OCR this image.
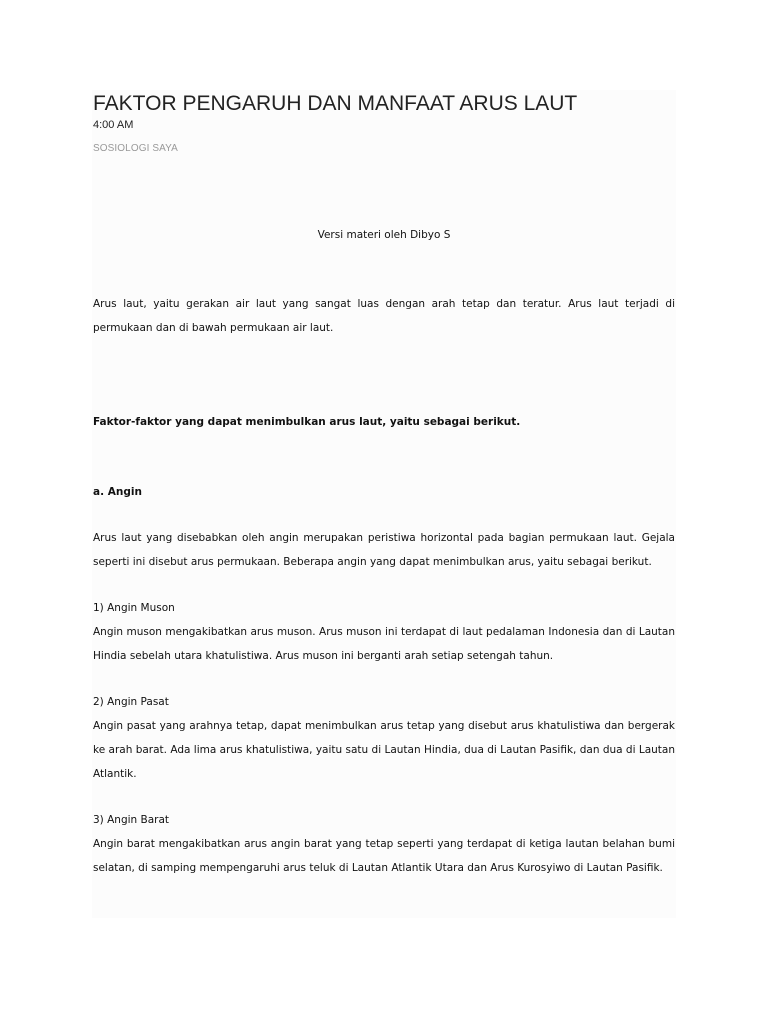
FAKTOR PENGARUH DAN MANFAAT ARUS LAUT
4:00 AM
SOSIOLOGI SAYA
Versi materi oleh Dibyo S

Arus laut, yaitu gerakan air laut yang sangat luas dengan arah tetap dan teratur. Arus laut terjadi di permukaan dan di bawah permukaan air laut.

Faktor-faktor yang dapat menimbulkan arus laut, yaitu sebagai berikut.

a. Angin

Arus laut yang disebabkan oleh angin merupakan peristiwa horizontal pada bagian permukaan laut. Gejala seperti ini disebut arus permukaan. Beberapa angin yang dapat menimbulkan arus, yaitu sebagai berikut.

1) Angin Muson

Angin muson mengakibatkan arus muson. Arus muson ini terdapat di laut pedalaman Indonesia dan di Lautan Hindia sebelah utara khatulistiwa. Arus muson ini berganti arah setiap setengah tahun.

2) Angin Pasat

Angin pasat yang arahnya tetap, dapat menimbulkan arus tetap yang disebut arus khatulistiwa dan bergerak ke arah barat. Ada lima arus khatulistiwa, yaitu satu di Lautan Hindia, dua di Lautan Pasifik, dan dua di Lautan Atlantik.

3) Angin Barat

Angin barat mengakibatkan arus angin barat yang tetap seperti yang terdapat di ketiga lautan belahan bumi selatan, di samping mempengaruhi arus teluk di Lautan Atlantik Utara dan Arus Kurosyiwo di Lautan Pasifik.
